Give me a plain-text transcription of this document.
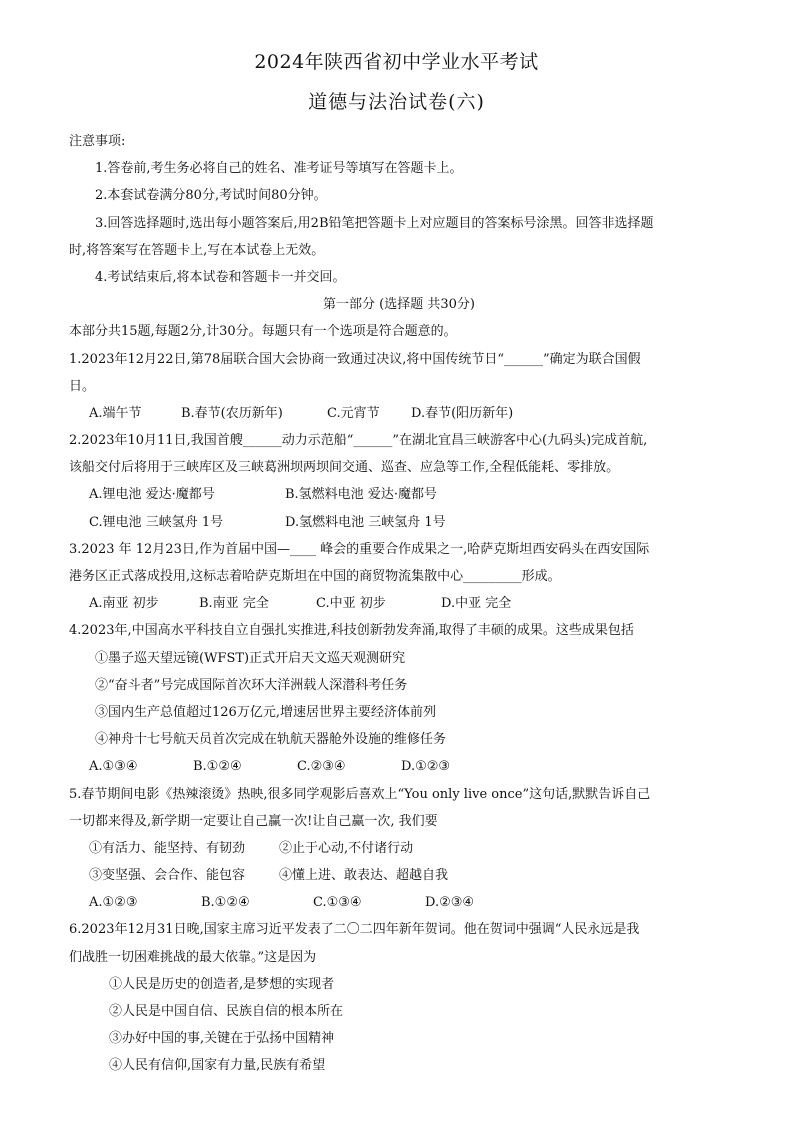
2024年陕西省初中学业水平考试
道德与法治试卷(六)
注意事项:
1.答卷前,考生务必将自己的姓名、准考证号等填写在答题卡上。
2.本套试卷满分80分,考试时间80分钟。
3.回答选择题时,选出每小题答案后,用2B铅笔把答题卡上对应题目的答案标号涂黑。回答非选择题
时,将答案写在答题卡上,写在本试卷上无效。
4.考试结束后,将本试卷和答题卡一并交回。
第一部分 (选择题 共30分)
本部分共15题,每题2分,计30分。每题只有一个选项是符合题意的。
1.2023年12月22日,第78届联合国大会协商一致通过决议,将中国传统节日“______”确定为联合国假
日。
A.端午节	B.春节(农历新年)	C.元宵节 D.春节(阳历新年)
2.2023年10月11日,我国首艘______动力示范船“______”在湖北宜昌三峡游客中心(九码头)完成首航,
该船交付后将用于三峡库区及三峡葛洲坝两坝间交通、巡查、应急等工作,全程低能耗、零排放。
A.锂电池 爱达·魔都号	B.氢燃料电池 爱达·魔都号
C.锂电池 三峡氢舟 1号	D.氢燃料电池 三峡氢舟 1号
3.2023 年 12月23日,作为首届中国—____ 峰会的重要合作成果之一,哈萨克斯坦西安码头在西安国际
港务区正式落成投用,这标志着哈萨克斯坦在中国的商贸物流集散中心_________形成。
A.南亚 初步	B.南亚 完全	C.中亚 初步	D.中亚 完全
4.2023年,中国高水平科技自立自强扎实推进,科技创新勃发奔涌,取得了丰硕的成果。这些成果包括
①墨子巡天望远镜(WFST)正式开启天文巡天观测研究
②“奋斗者”号完成国际首次环大洋洲载人深潜科考任务
③国内生产总值超过126万亿元,增速居世界主要经济体前列
④神舟十七号航天员首次完成在轨航天器舱外设施的维修任务
A.①③④	B.①②④	C.②③④	D.①②③
5.春节期间电影《热辣滚烫》热映,很多同学观影后喜欢上“You only live once”这句话,默默告诉自己
一切都来得及,新学期一定要让自己赢一次!让自己赢一次, 我们要
①有活力、能坚持、有韧劲	②止于心动,不付诸行动
③变坚强、会合作、能包容	④懂上进、敢表达、超越自我
A.①②③	B.①②④	C.①③④	D.②③④
6.2023年12月31日晚,国家主席习近平发表了二〇二四年新年贺词。他在贺词中强调“人民永远是我
们战胜一切困难挑战的最大依靠。”这是因为
①人民是历史的创造者,是梦想的实现者
②人民是中国自信、民族自信的根本所在
③办好中国的事,关键在于弘扬中国精神
④人民有信仰,国家有力量,民族有希望
